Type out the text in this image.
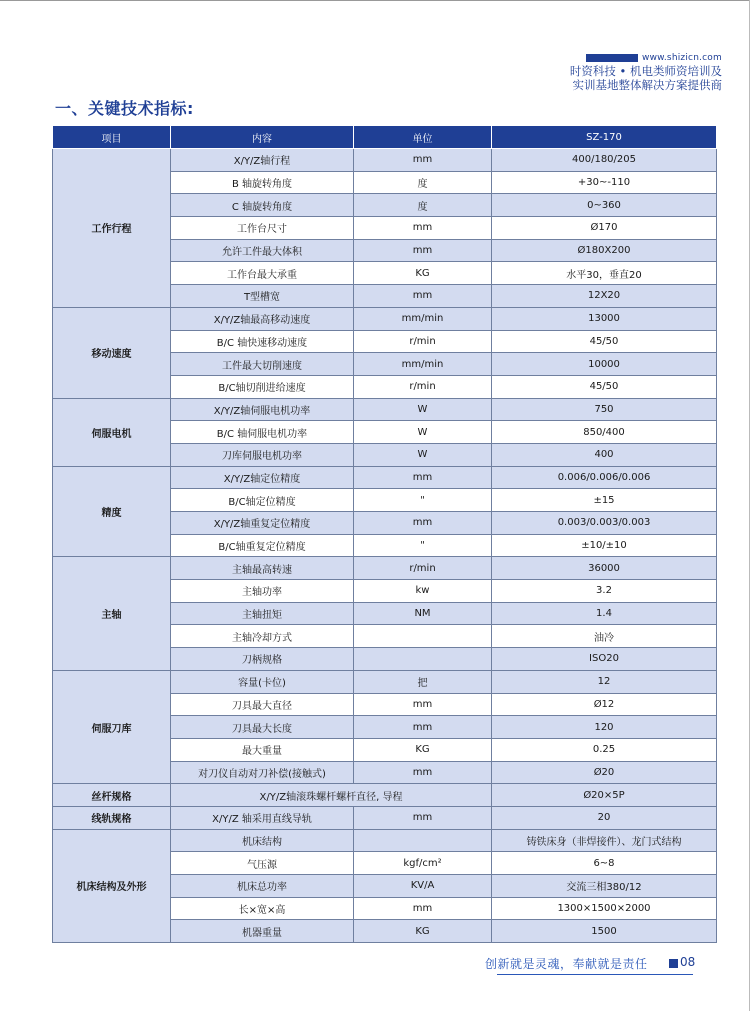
www.shizicn.com
时资科技 • 机电类师资培训及
实训基地整体解决方案提供商
一、关键技术指标:
项目	内容	单位	SZ-170
工作行程	X/Y/Z轴行程	mm	400/180/205
	B 轴旋转角度	度	+30~-110
	C 轴旋转角度	度	0~360
	工作台尺寸	mm	Ø170
	允许工件最大体积	mm	Ø180X200
	工作台最大承重	KG	水平30，垂直20
	T型槽宽	mm	12X20
移动速度	X/Y/Z轴最高移动速度	mm/min	13000
	B/C 轴快速移动速度	r/min	45/50
	工件最大切削速度	mm/min	10000
	B/C轴切削进给速度	r/min	45/50
伺服电机	X/Y/Z轴伺服电机功率	W	750
	B/C 轴伺服电机功率	W	850/400
	刀库伺服电机功率	W	400
精度	X/Y/Z轴定位精度	mm	0.006/0.006/0.006
	B/C轴定位精度	"	±15
	X/Y/Z轴重复定位精度	mm	0.003/0.003/0.003
	B/C轴重复定位精度	"	±10/±10
主轴	主轴最高转速	r/min	36000
	主轴功率	kw	3.2
	主轴扭矩	NM	1.4
	主轴冷却方式		油冷
	刀柄规格		ISO20
伺服刀库	容量(卡位)	把	12
	刀具最大直径	mm	Ø12
	刀具最大长度	mm	120
	最大重量	KG	0.25
	对刀仪自动对刀补偿(接触式)	mm	Ø20
丝杆规格	X/Y/Z轴滚珠螺杆螺杆直径, 导程		Ø20×5P
线轨规格	X/Y/Z 轴采用直线导轨	mm	20
机床结构及外形	机床结构		铸铁床身（非焊接件）、龙门式结构
	气压源	kgf/cm²	6~8
	机床总功率	KV/A	交流三相380/12
	长×宽×高	mm	1300×1500×2000
	机器重量	KG	1500
创新就是灵魂，奉献就是责任	08
